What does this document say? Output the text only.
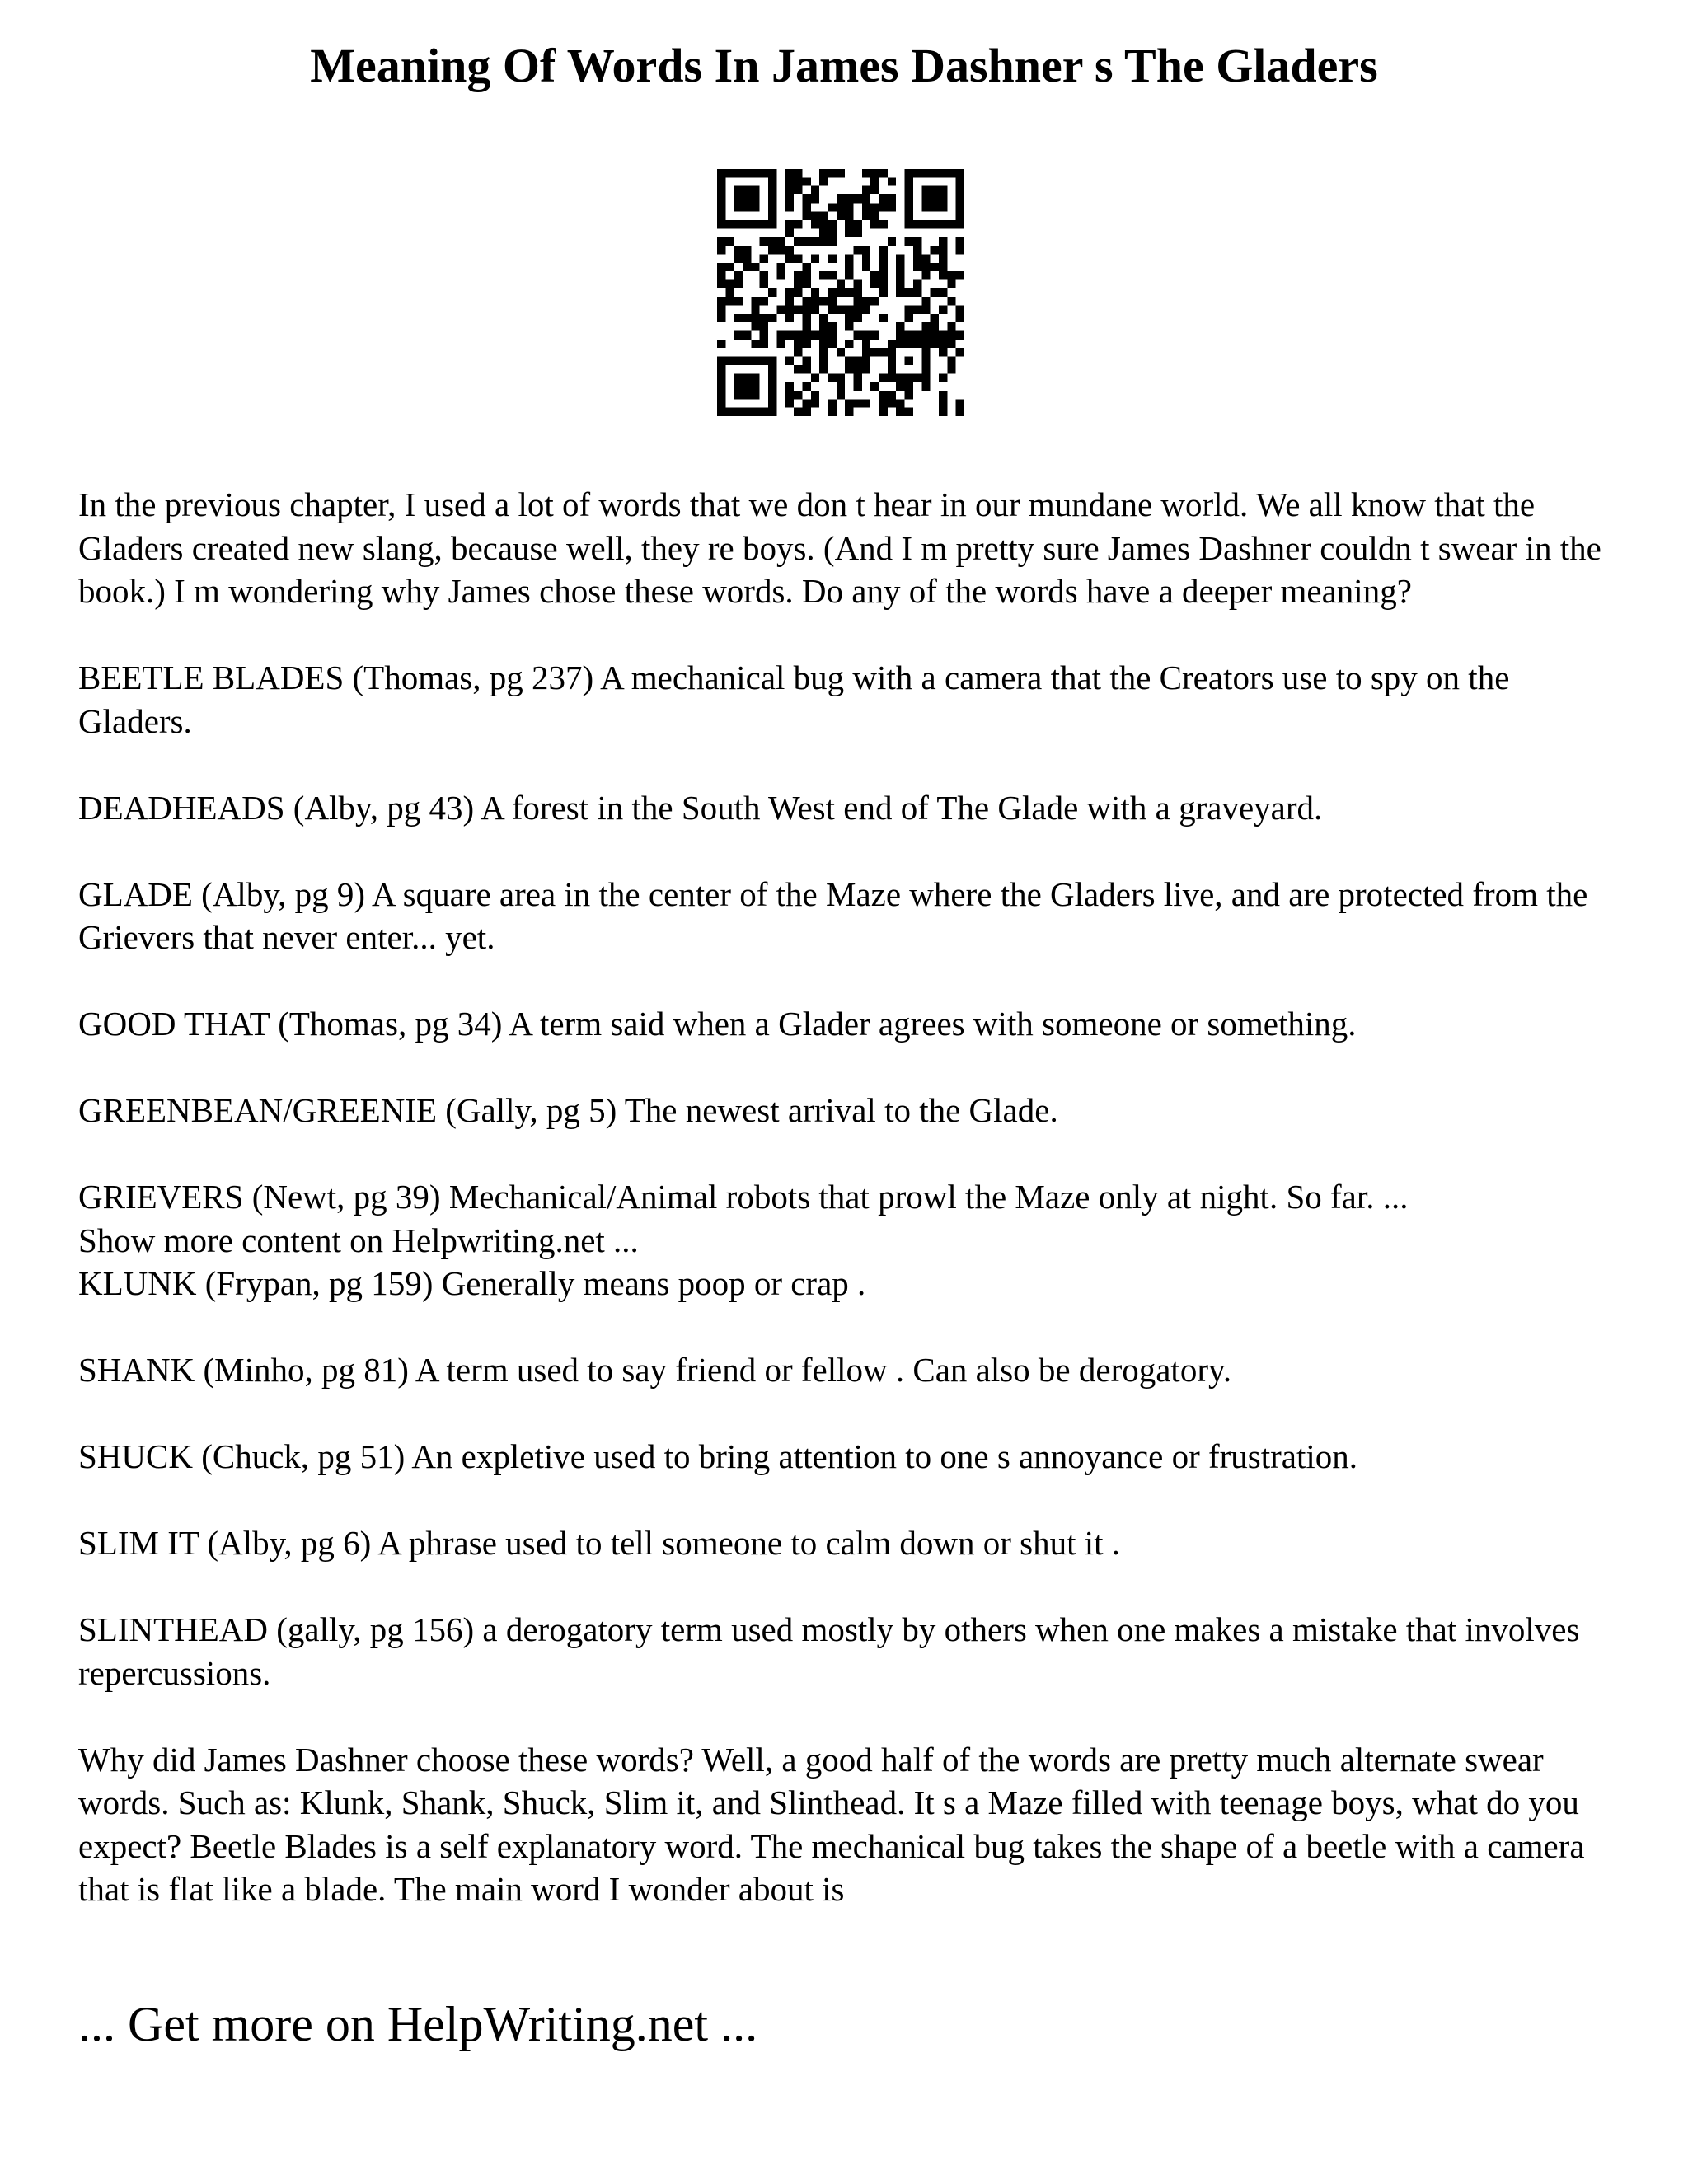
Meaning Of Words In James Dashner s The Gladers

In the previous chapter, I used a lot of words that we don t hear in our mundane world. We all know that the Gladers created new slang, because well, they re boys. (And I m pretty sure James Dashner couldn t swear in the book.) I m wondering why James chose these words. Do any of the words have a deeper meaning?

BEETLE BLADES (Thomas, pg 237) A mechanical bug with a camera that the Creators use to spy on the Gladers.

DEADHEADS (Alby, pg 43) A forest in the South West end of The Glade with a graveyard.

GLADE (Alby, pg 9) A square area in the center of the Maze where the Gladers live, and are protected from the Grievers that never enter... yet.

GOOD THAT (Thomas, pg 34) A term said when a Glader agrees with someone or something.

GREENBEAN/GREENIE (Gally, pg 5) The newest arrival to the Glade.

GRIEVERS (Newt, pg 39) Mechanical/Animal robots that prowl the Maze only at night. So far. ...

Show more content on Helpwriting.net ...

KLUNK (Frypan, pg 159) Generally means poop or crap .

SHANK (Minho, pg 81) A term used to say friend or fellow . Can also be derogatory.

SHUCK (Chuck, pg 51) An expletive used to bring attention to one s annoyance or frustration.

SLIM IT (Alby, pg 6) A phrase used to tell someone to calm down or shut it .

SLINTHEAD (gally, pg 156) a derogatory term used mostly by others when one makes a mistake that involves repercussions.

Why did James Dashner choose these words? Well, a good half of the words are pretty much alternate swear words. Such as: Klunk, Shank, Shuck, Slim it, and Slinthead. It s a Maze filled with teenage boys, what do you expect? Beetle Blades is a self explanatory word. The mechanical bug takes the shape of a beetle with a camera that is flat like a blade. The main word I wonder about is

... Get more on HelpWriting.net ...
